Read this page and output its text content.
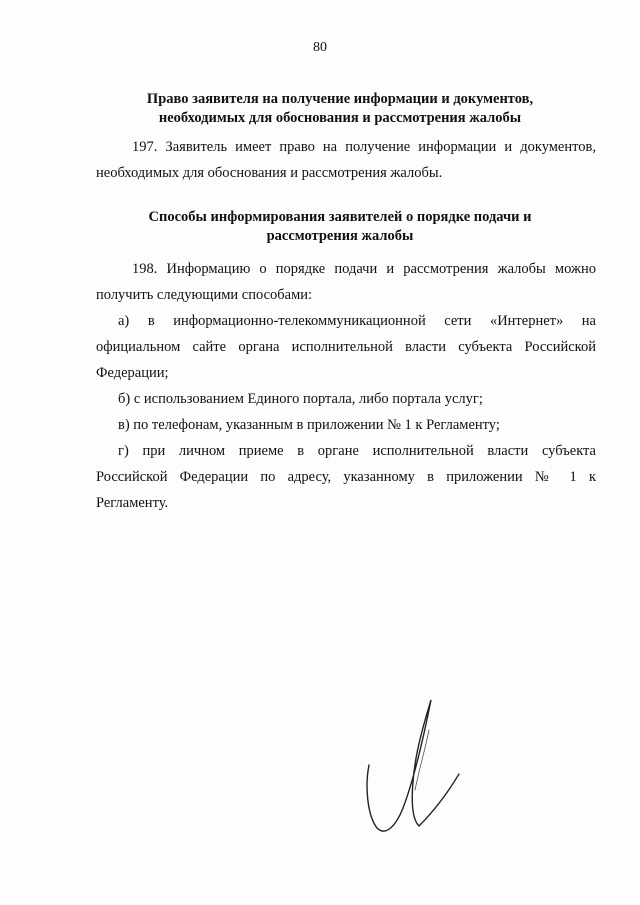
80
Право заявителя на получение информации и документов,
необходимых для обоснования и рассмотрения жалобы
197. Заявитель имеет право на получение информации и документов,
необходимых для обоснования и рассмотрения жалобы.
Способы информирования заявителей о порядке подачи и
рассмотрения жалобы
198. Информацию о порядке подачи и рассмотрения жалобы можно
получить следующими способами:
а) в информационно-телекоммуникационной сети «Интернет» на
официальном сайте органа исполнительной власти субъекта Российской
Федерации;
б) с использованием Единого портала, либо портала услуг;
в) по телефонам, указанным в приложении № 1 к Регламенту;
г) при личном приеме в органе исполнительной власти субъекта
Российской Федерации по адресу, указанному в приложении № 1 к
Регламенту.
